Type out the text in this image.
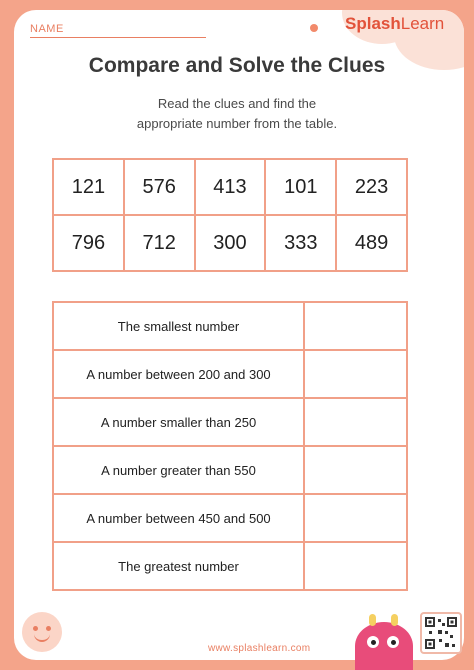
NAME	SplashLearn
Compare and Solve the Clues
Read the clues and find the
appropriate number from the table.
121	576	413	101	223
796	712	300	333	489
The smallest number	
A number between 200 and 300	
A number smaller than 250	
A number greater than 550	
A number between 450 and 500	
The greatest number	
★ ★ ★	www.splashlearn.com
